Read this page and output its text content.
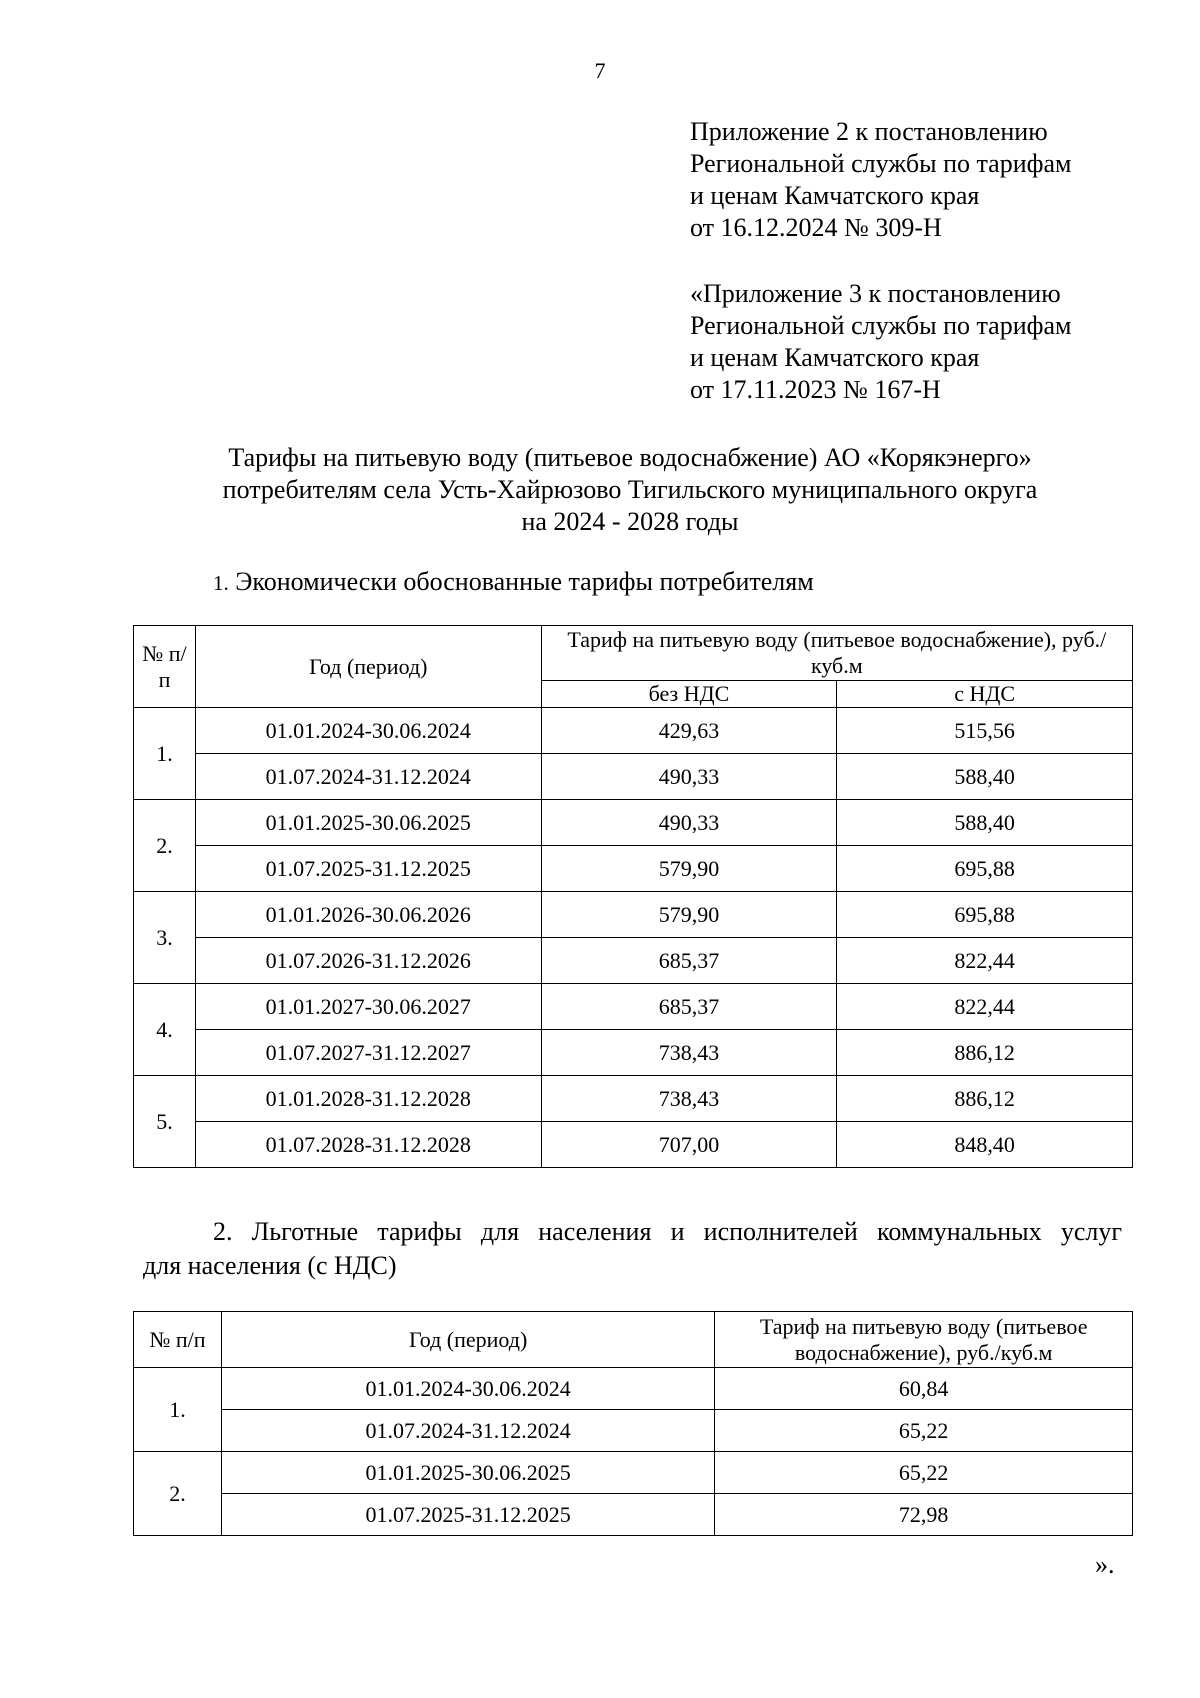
7
Приложение 2 к постановлению
Региональной службы по тарифам
и ценам Камчатского края
от 16.12.2024 № 309-Н
«Приложение 3 к постановлению
Региональной службы по тарифам
и ценам Камчатского края
от 17.11.2023 № 167-Н
Тарифы на питьевую воду (питьевое водоснабжение) АО «Корякэнерго»
потребителям села Усть-Хайрюзово Тигильского муниципального округа
на 2024 - 2028 годы
1. Экономически обоснованные тарифы потребителям
№ п/п	Год (период)	Тариф на питьевую воду (питьевое водоснабжение), руб./куб.м	
		без НДС	с НДС
1.	01.01.2024-30.06.2024	429,63	515,56
	01.07.2024-31.12.2024	490,33	588,40
2.	01.01.2025-30.06.2025	490,33	588,40
	01.07.2025-31.12.2025	579,90	695,88
3.	01.01.2026-30.06.2026	579,90	695,88
	01.07.2026-31.12.2026	685,37	822,44
4.	01.01.2027-30.06.2027	685,37	822,44
	01.07.2027-31.12.2027	738,43	886,12
5.	01.01.2028-31.12.2028	738,43	886,12
	01.07.2028-31.12.2028	707,00	848,40
2. Льготные тарифы для населения и исполнителей коммунальных услуг
для населения (с НДС)
№ п/п	Год (период)	Тариф на питьевую воду (питьевое водоснабжение), руб./куб.м
1.	01.01.2024-30.06.2024	60,84
	01.07.2024-31.12.2024	65,22
2.	01.01.2025-30.06.2025	65,22
	01.07.2025-31.12.2025	72,98
».
